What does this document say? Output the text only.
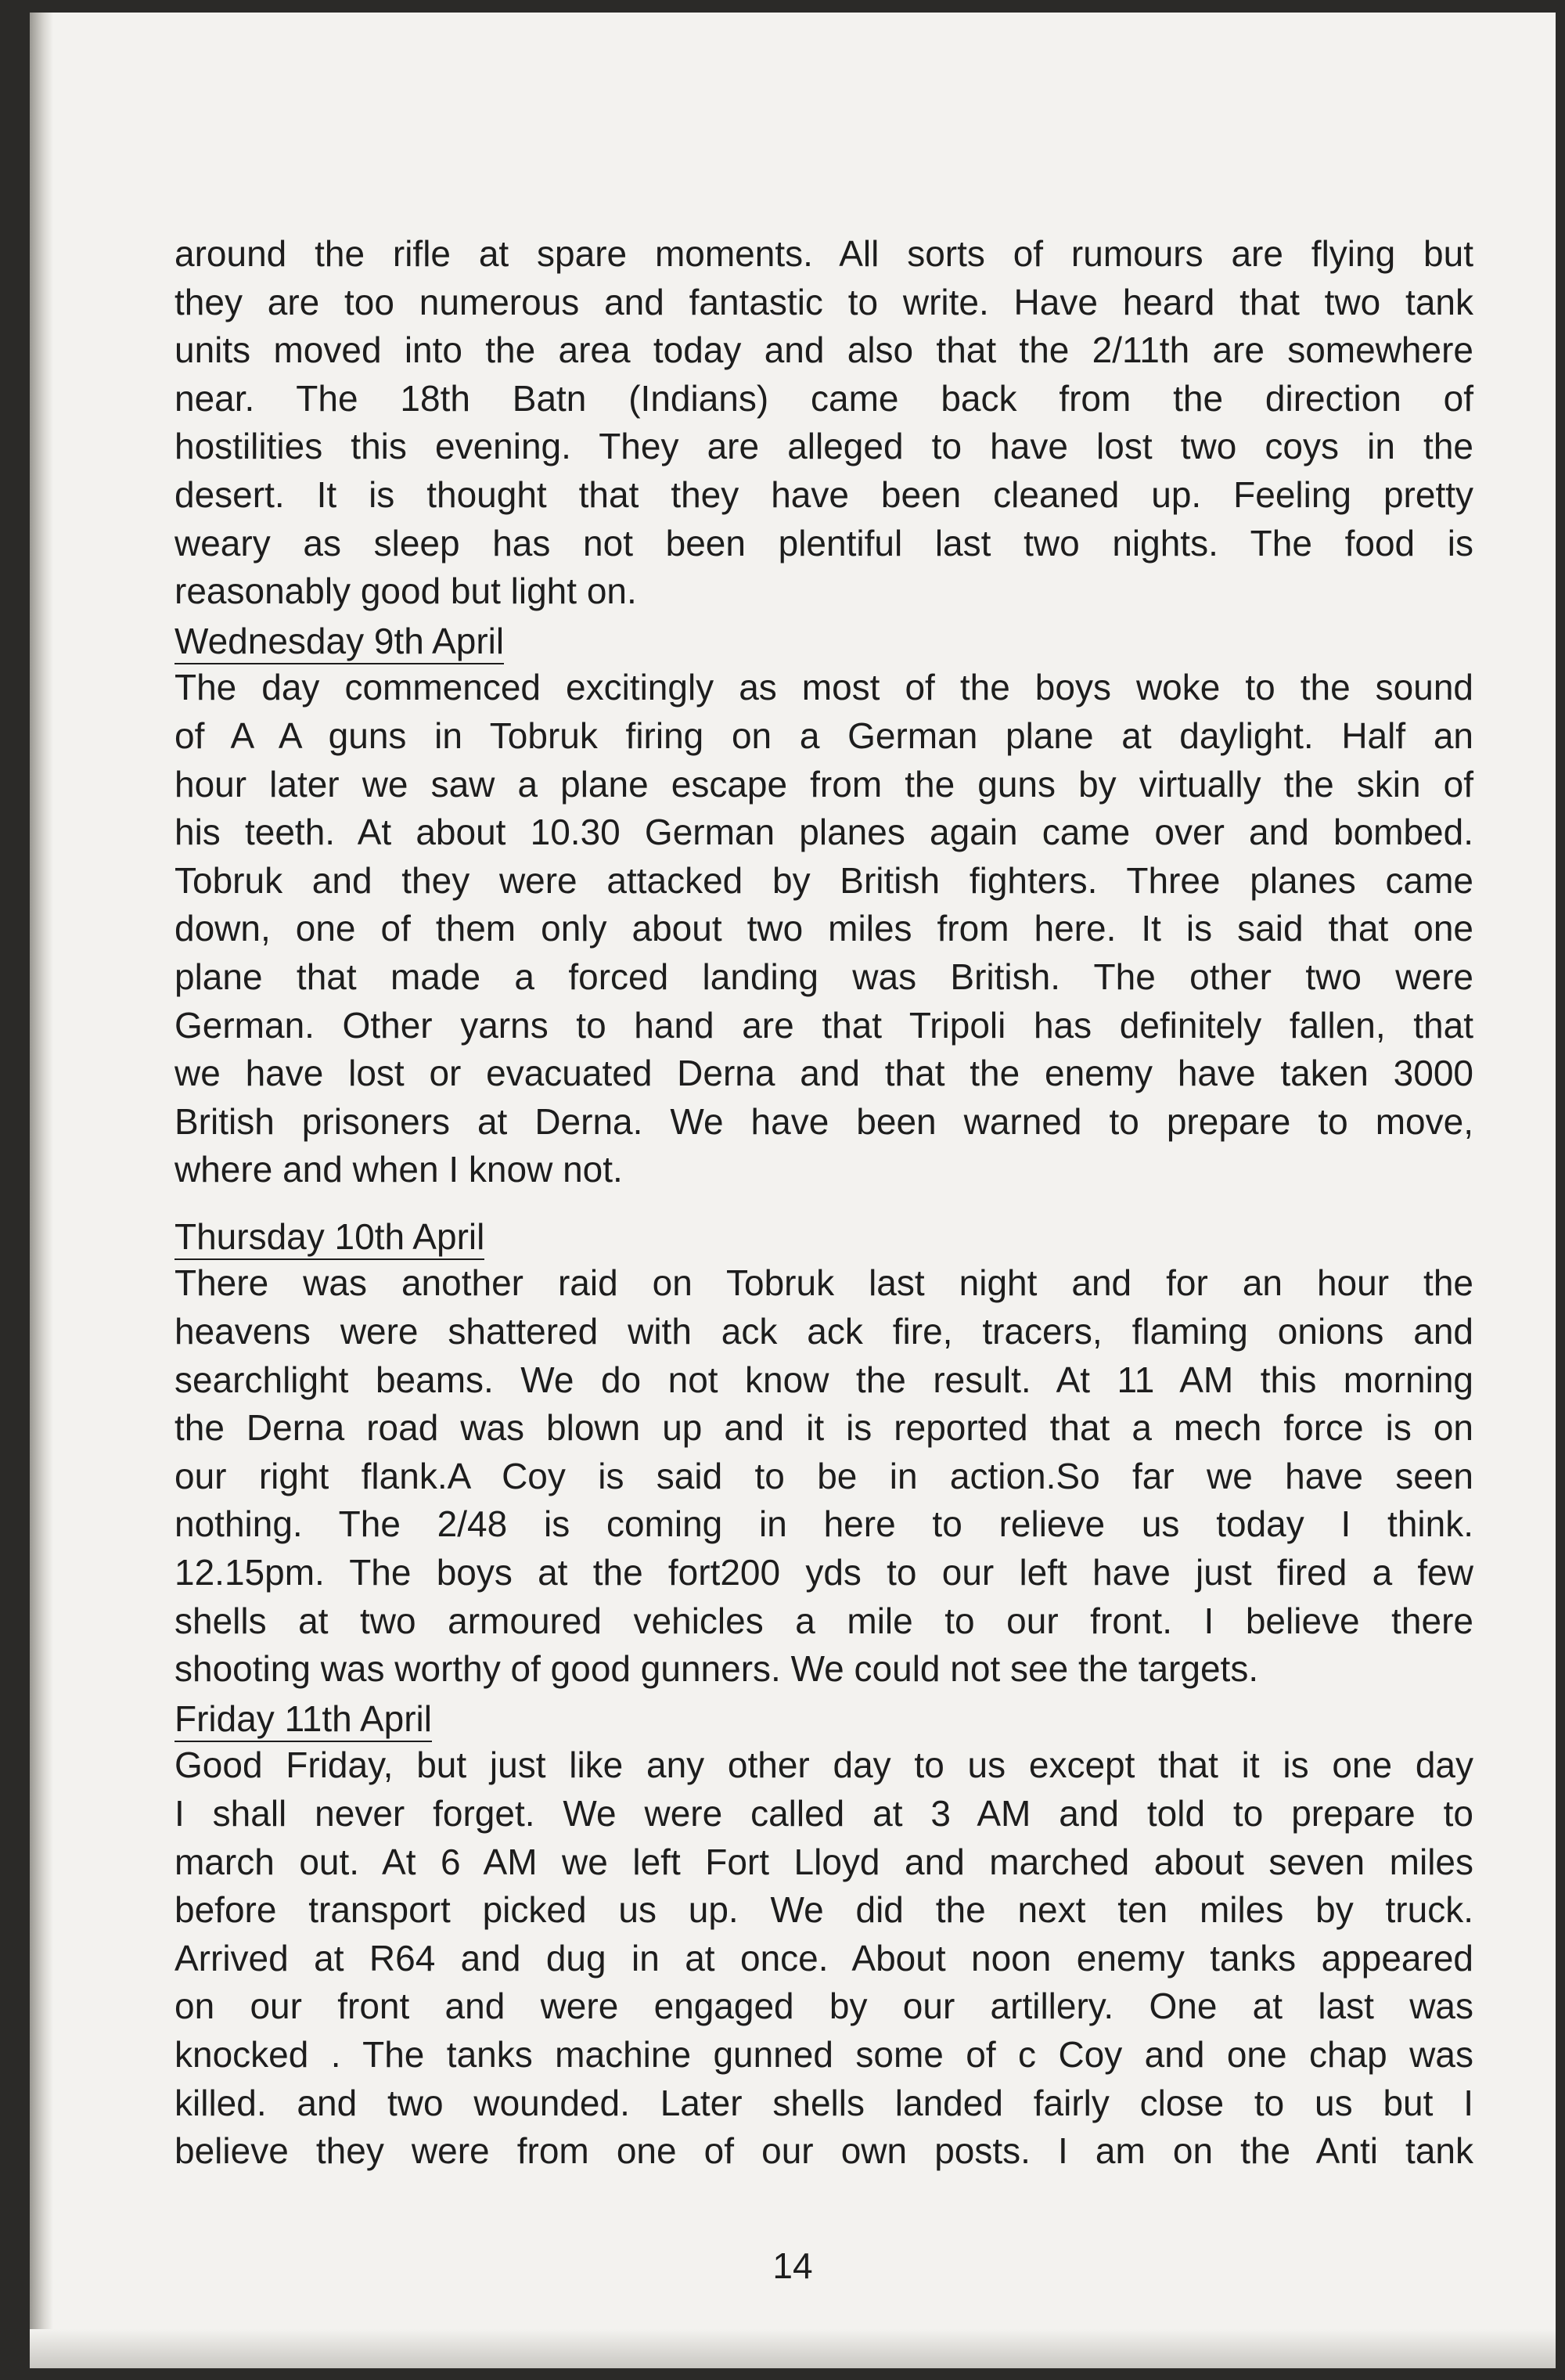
around the rifle at spare moments. All sorts of rumours are flying but
they are too numerous and fantastic to write. Have heard that two tank
units moved into the area today and also that the 2/11th are somewhere
near. The 18th Batn (Indians) came back from the direction of
hostilities this evening. They are alleged to have lost two coys in the
desert. It is thought that they have been cleaned up. Feeling pretty
weary as sleep has not been plentiful last two nights. The food is
reasonably good but light on.
Wednesday 9th April
The day commenced excitingly as most of the boys woke to the sound
of A A guns in Tobruk firing on a German plane at daylight. Half an
hour later we saw a plane escape from the guns by virtually the skin of
his teeth. At about 10.30 German planes again came over and bombed.
Tobruk and they were attacked by British fighters. Three planes came
down, one of them only about two miles from here. It is said that one
plane that made a forced landing was British. The other two were
German. Other yarns to hand are that Tripoli has definitely fallen, that
we have lost or evacuated Derna and that the enemy have taken 3000
British prisoners at Derna. We have been warned to prepare to move,
where and when I know not.
Thursday 10th April
There was another raid on Tobruk last night and for an hour the
heavens were shattered with ack ack fire, tracers, flaming onions and
searchlight beams. We do not know the result. At 11 AM this morning
the Derna road was blown up and it is reported that a mech force is on
our right flank.A Coy is said to be in action.So far we have seen
nothing. The 2/48 is coming in here to relieve us today I think.
12.15pm. The boys at the fort200 yds to our left have just fired a few
shells at two armoured vehicles a mile to our front. I believe there
shooting was worthy of good gunners. We could not see the targets.
Friday 11th April
Good Friday, but just like any other day to us except that it is one day
I shall never forget. We were called at 3 AM and told to prepare to
march out. At 6 AM we left Fort Lloyd and marched about seven miles
before transport picked us up. We did the next ten miles by truck.
Arrived at R64 and dug in at once. About noon enemy tanks appeared
on our front and were engaged by our artillery. One at last was
knocked . The tanks machine gunned some of c Coy and one chap was
killed. and two wounded. Later shells landed fairly close to us but I
believe they were from one of our own posts. I am on the Anti tank
14
